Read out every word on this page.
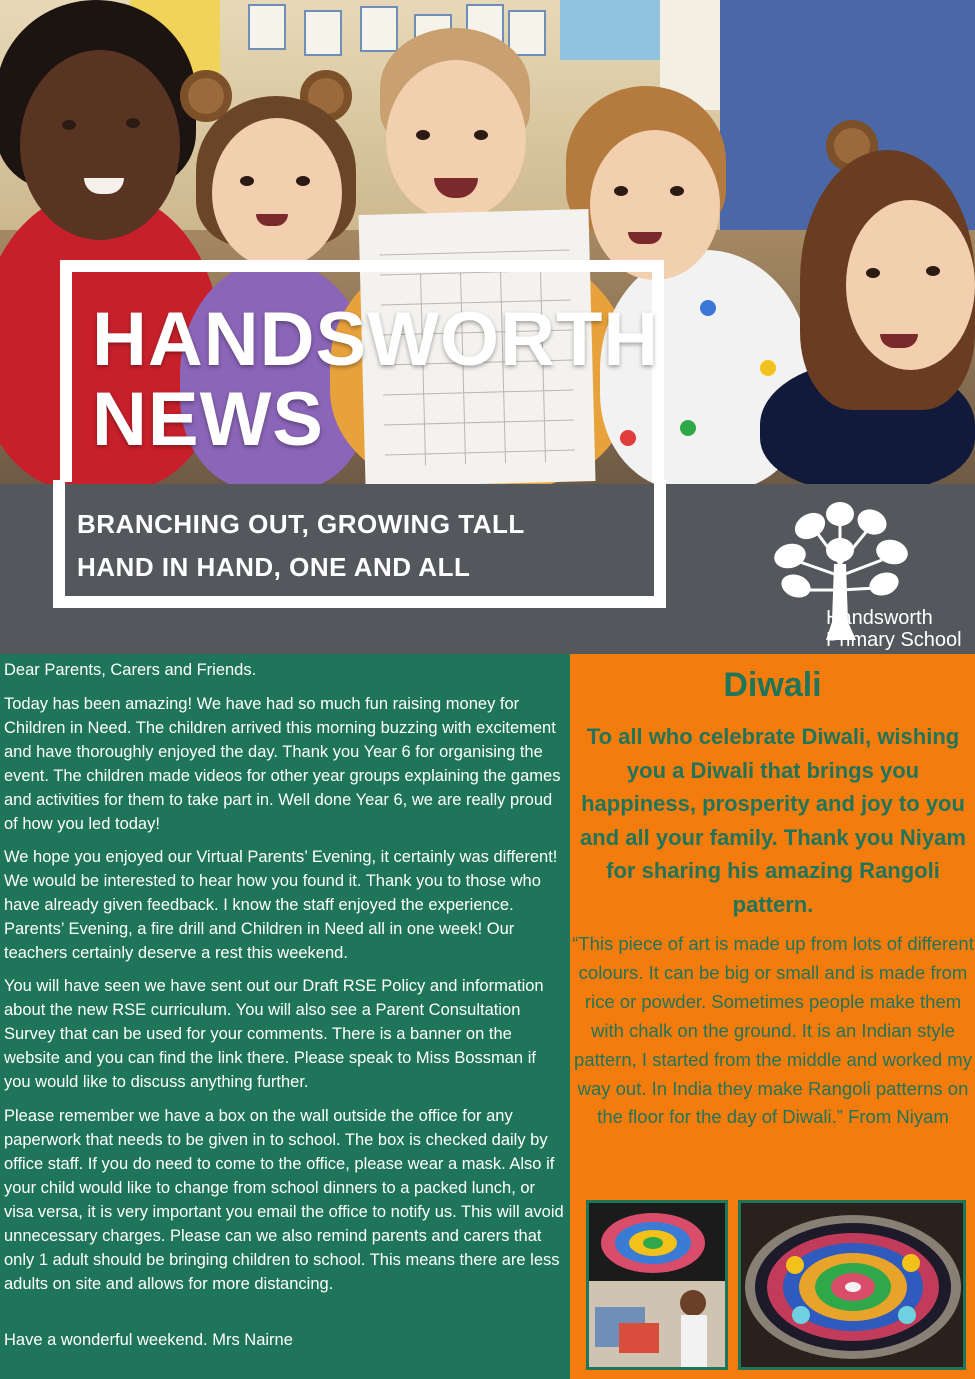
HANDSWORTH
NEWS
BRANCHING OUT, GROWING TALL
HAND IN HAND, ONE AND ALL
Handsworth
Primary School

Dear Parents, Carers and Friends.

Today has been amazing! We have had so much fun raising money for Children in Need. The children arrived this morning buzzing with excitement and have thoroughly enjoyed the day. Thank you Year 6 for organising the event. The children made videos for other year groups explaining the games and activities for them to take part in. Well done Year 6, we are really proud of how you led today!

We hope you enjoyed our Virtual Parents’ Evening, it certainly was different! We would be interested to hear how you found it. Thank you to those who have already given feedback. I know the staff enjoyed the experience. Parents’ Evening, a fire drill and Children in Need all in one week! Our teachers certainly deserve a rest this weekend.

You will have seen we have sent out our Draft RSE Policy and information about the new RSE curriculum. You will also see a Parent Consultation Survey that can be used for your comments. There is a banner on the website and you can find the link there. Please speak to Miss Bossman if you would like to discuss anything further.

Please remember we have a box on the wall outside the office for any paperwork that needs to be given in to school. The box is checked daily by office staff. If you do need to come to the office, please wear a mask. Also if your child would like to change from school dinners to a packed lunch, or visa versa, it is very important you email the office to notify us. This will avoid unnecessary charges. Please can we also remind parents and carers that only 1 adult should be bringing children to school. This means there are less adults on site and allows for more distancing.

Have a wonderful weekend. Mrs Nairne

Diwali
To all who celebrate Diwali, wishing you a Diwali that brings you happiness, prosperity and joy to you and all your family. Thank you Niyam for sharing his amazing Rangoli pattern.
“This piece of art is made up from lots of different colours. It can be big or small and is made from rice or powder. Sometimes people make them with chalk on the ground. It is an Indian style pattern, I started from the middle and worked my way out. In India they make Rangoli patterns on the floor for the day of Diwali.” From Niyam
